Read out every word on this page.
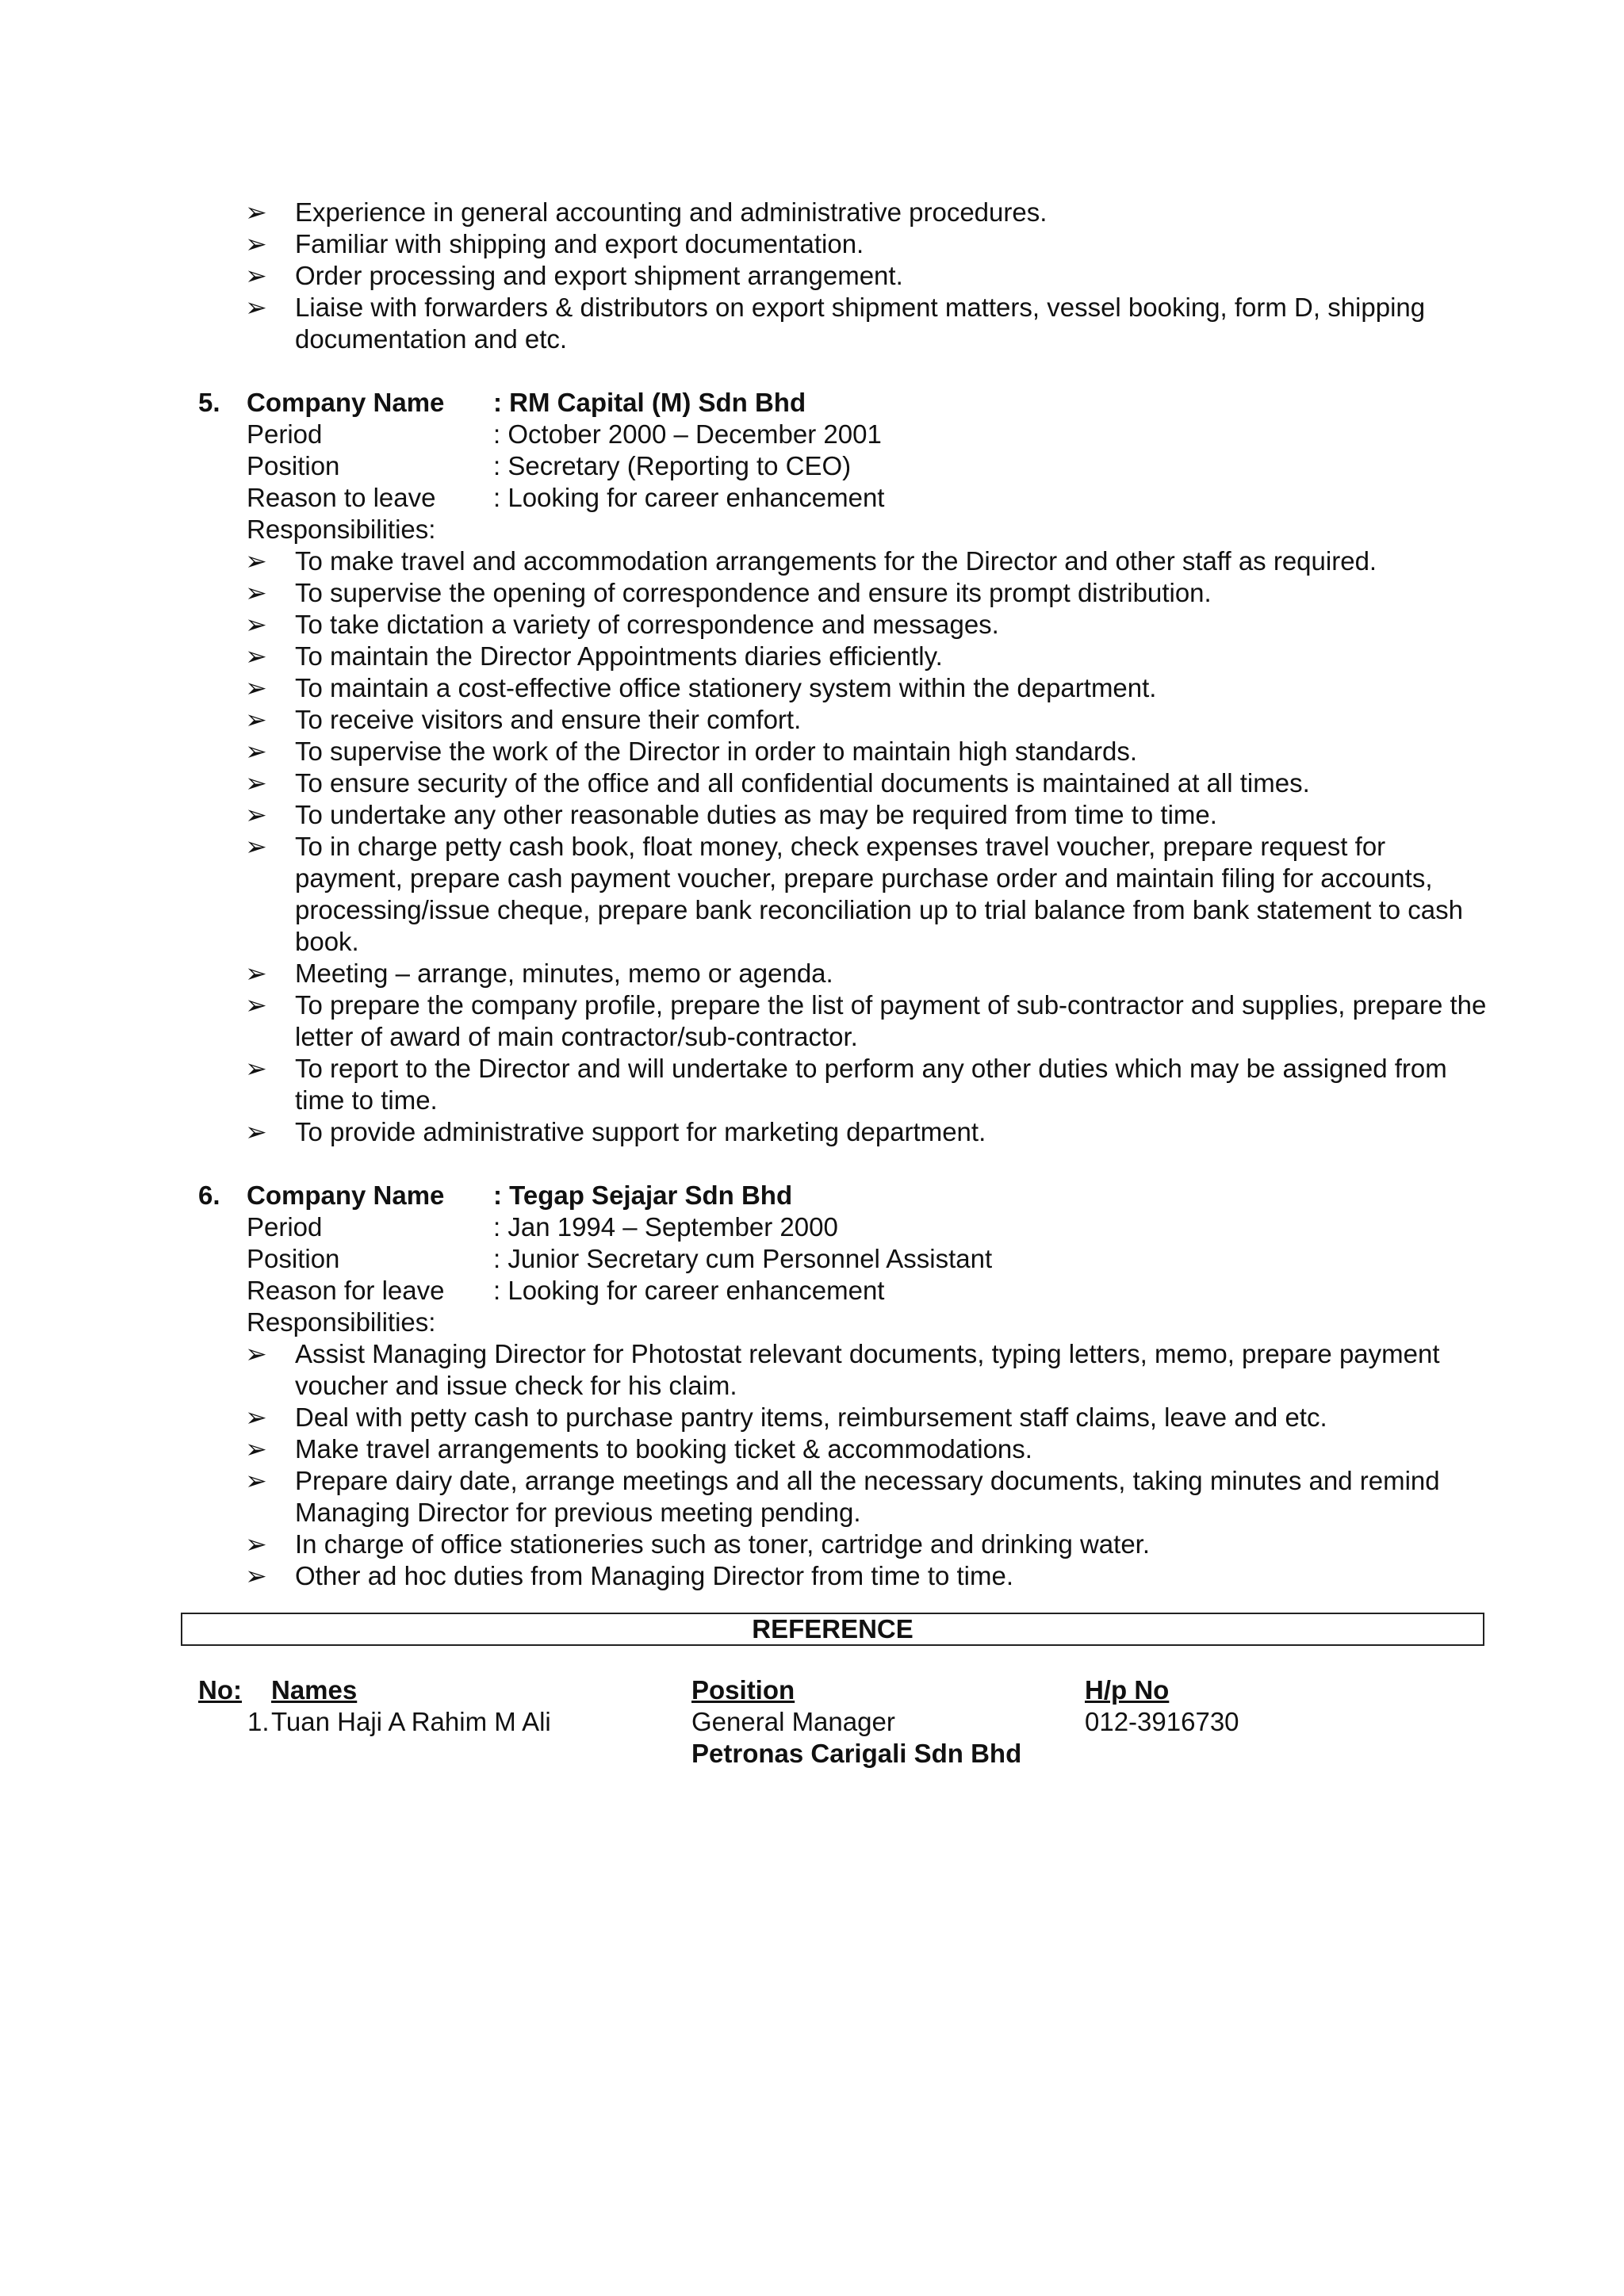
➢ Experience in general accounting and administrative procedures.
➢ Familiar with shipping and export documentation.
➢ Order processing and export shipment arrangement.
➢ Liaise with forwarders & distributors on export shipment matters, vessel booking, form D, shipping documentation and etc.
5. Company Name	: RM Capital (M) Sdn Bhd
Period	: October 2000 – December 2001
Position	: Secretary (Reporting to CEO)
Reason to leave	: Looking for career enhancement
Responsibilities:
➢ To make travel and accommodation arrangements for the Director and other staff as required.
➢ To supervise the opening of correspondence and ensure its prompt distribution.
➢ To take dictation a variety of correspondence and messages.
➢ To maintain the Director Appointments diaries efficiently.
➢ To maintain a cost-effective office stationery system within the department.
➢ To receive visitors and ensure their comfort.
➢ To supervise the work of the Director in order to maintain high standards.
➢ To ensure security of the office and all confidential documents is maintained at all times.
➢ To undertake any other reasonable duties as may be required from time to time.
➢ To in charge petty cash book, float money, check expenses travel voucher, prepare request for payment, prepare cash payment voucher, prepare purchase order and maintain filing for accounts, processing/issue cheque, prepare bank reconciliation up to trial balance from bank statement to cash book.
➢ Meeting – arrange, minutes, memo or agenda.
➢ To prepare the company profile, prepare the list of payment of sub-contractor and supplies, prepare the letter of award of main contractor/sub-contractor.
➢ To report to the Director and will undertake to perform any other duties which may be assigned from time to time.
➢ To provide administrative support for marketing department.
6. Company Name	: Tegap Sejajar Sdn Bhd
Period	: Jan 1994 – September 2000
Position	: Junior Secretary cum Personnel Assistant
Reason for leave	: Looking for career enhancement
Responsibilities:
➢ Assist Managing Director for Photostat relevant documents, typing letters, memo, prepare payment voucher and issue check for his claim.
➢ Deal with petty cash to purchase pantry items, reimbursement staff claims, leave and etc.
➢ Make travel arrangements to booking ticket & accommodations.
➢ Prepare dairy date, arrange meetings and all the necessary documents, taking minutes and remind Managing Director for previous meeting pending.
➢ In charge of office stationeries such as toner, cartridge and drinking water.
➢ Other ad hoc duties from Managing Director from time to time.
REFERENCE
No: Names	Position	H/p No
1. Tuan Haji A Rahim M Ali	General Manager	012-3916730
Petronas Carigali Sdn Bhd
